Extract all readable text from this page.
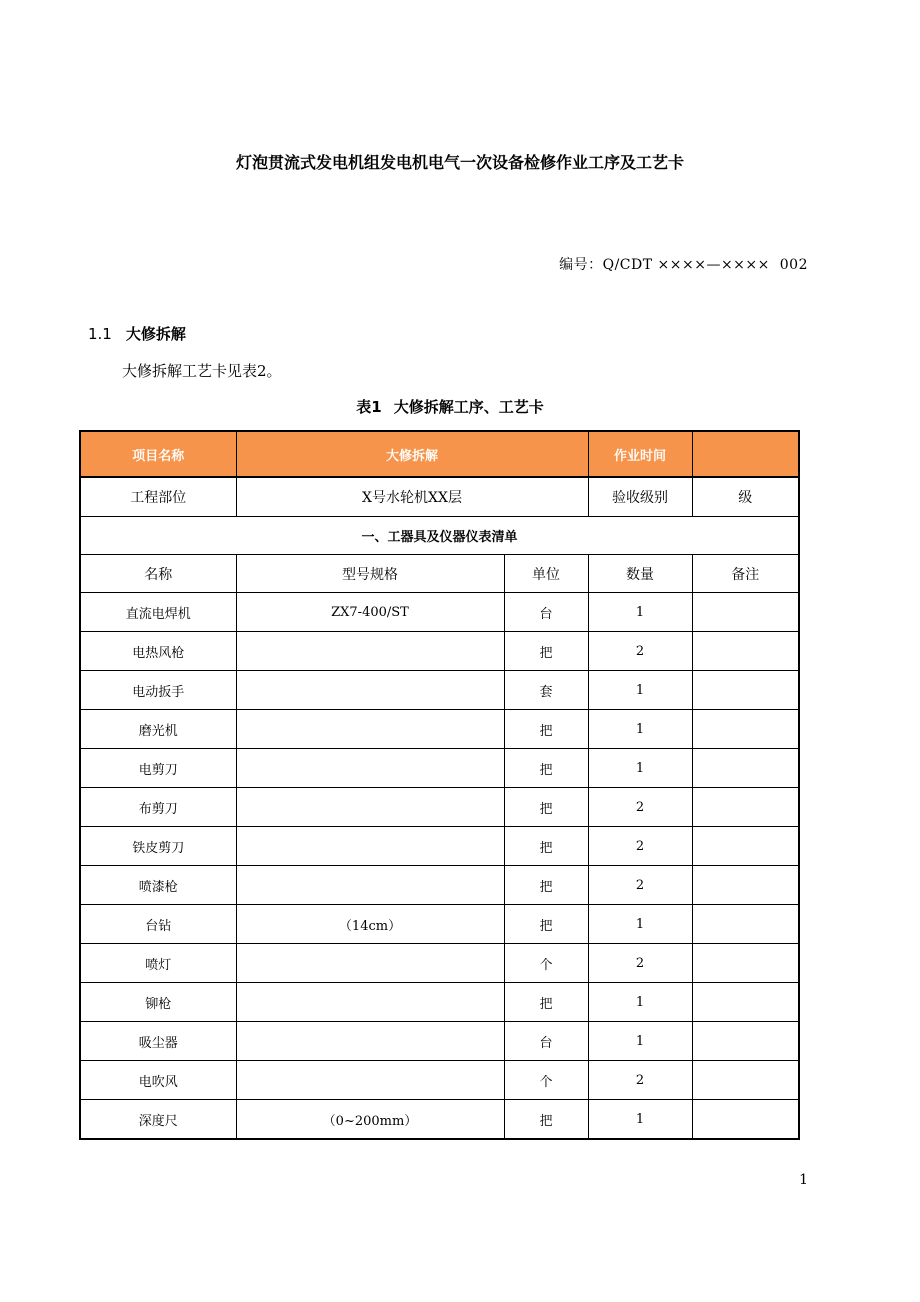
灯泡贯流式发电机组发电机电气一次设备检修作业工序及工艺卡
编号：Q/CDT ××××—××××  002
1.1 大修拆解
大修拆解工艺卡见表2。
表1 大修拆解工序、工艺卡
项目名称	大修拆解		作业时间	
工程部位	X号水轮机XX层		验收级别	级
一、工器具及仪器仪表清单				
名称	型号规格	单位	数量	备注
直流电焊机	ZX7-400/ST	台	1	
电热风枪		把	2	
电动扳手		套	1	
磨光机		把	1	
电剪刀		把	1	
布剪刀		把	2	
铁皮剪刀		把	2	
喷漆枪		把	2	
台钻	（14cm）	把	1	
喷灯		个	2	
铆枪		把	1	
吸尘器		台	1	
电吹风		个	2	
深度尺	（0~200mm）	把	1	
1
